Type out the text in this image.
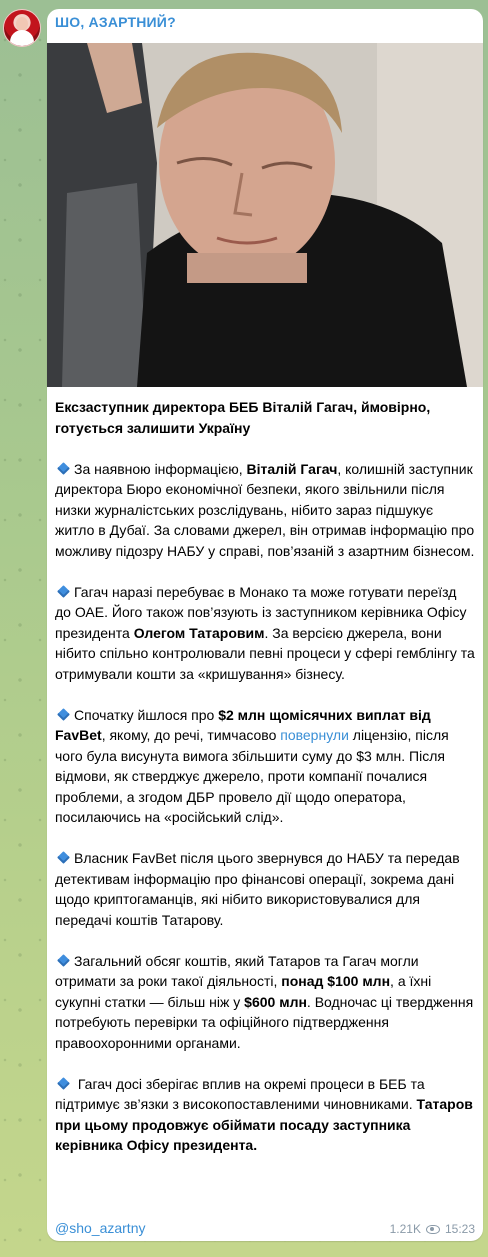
ШО, АЗАРТНИЙ?

Ексзаступник директора БЕБ Віталій Гагач, ймовірно, готується залишити Україну

За наявною інформацією, Віталій Гагач, колишній заступник директора Бюро економічної безпеки, якого звільнили після низки журналістських розслідувань, нібито зараз підшукує житло в Дубаї. За словами джерел, він отримав інформацію про можливу підозру НАБУ у справі, пов’язаній з азартним бізнесом.

Гагач наразі перебуває в Монако та може готувати переїзд до ОАЕ. Його також пов’язують із заступником керівника Офісу президента Олегом Татаровим. За версією джерела, вони нібито спільно контролювали певні процеси у сфері гемблінгу та отримували кошти за «кришування» бізнесу.

Спочатку йшлося про $2 млн щомісячних виплат від FavBet, якому, до речі, тимчасово повернули ліцензію, після чого була висунута вимога збільшити суму до $3 млн. Після відмови, як стверджує джерело, проти компанії почалися проблеми, а згодом ДБР провело дії щодо оператора, посилаючись на «російський слід».

Власник FavBet після цього звернувся до НАБУ та передав детективам інформацію про фінансові операції, зокрема дані щодо криптогаманців, які нібито використовувалися для передачі коштів Татарову.

Загальний обсяг коштів, який Татаров та Гагач могли отримати за роки такої діяльності, понад $100 млн, а їхні сукупні статки — більш ніж у $600 млн. Водночас ці твердження потребують перевірки та офіційного підтвердження правоохоронними органами.

Гагач досі зберігає вплив на окремі процеси в БЕБ та підтримує зв’язки з високопоставленими чиновниками. Татаров при цьому продовжує обіймати посаду заступника керівника Офісу президента.

@sho_azartny	1.21K 15:23
